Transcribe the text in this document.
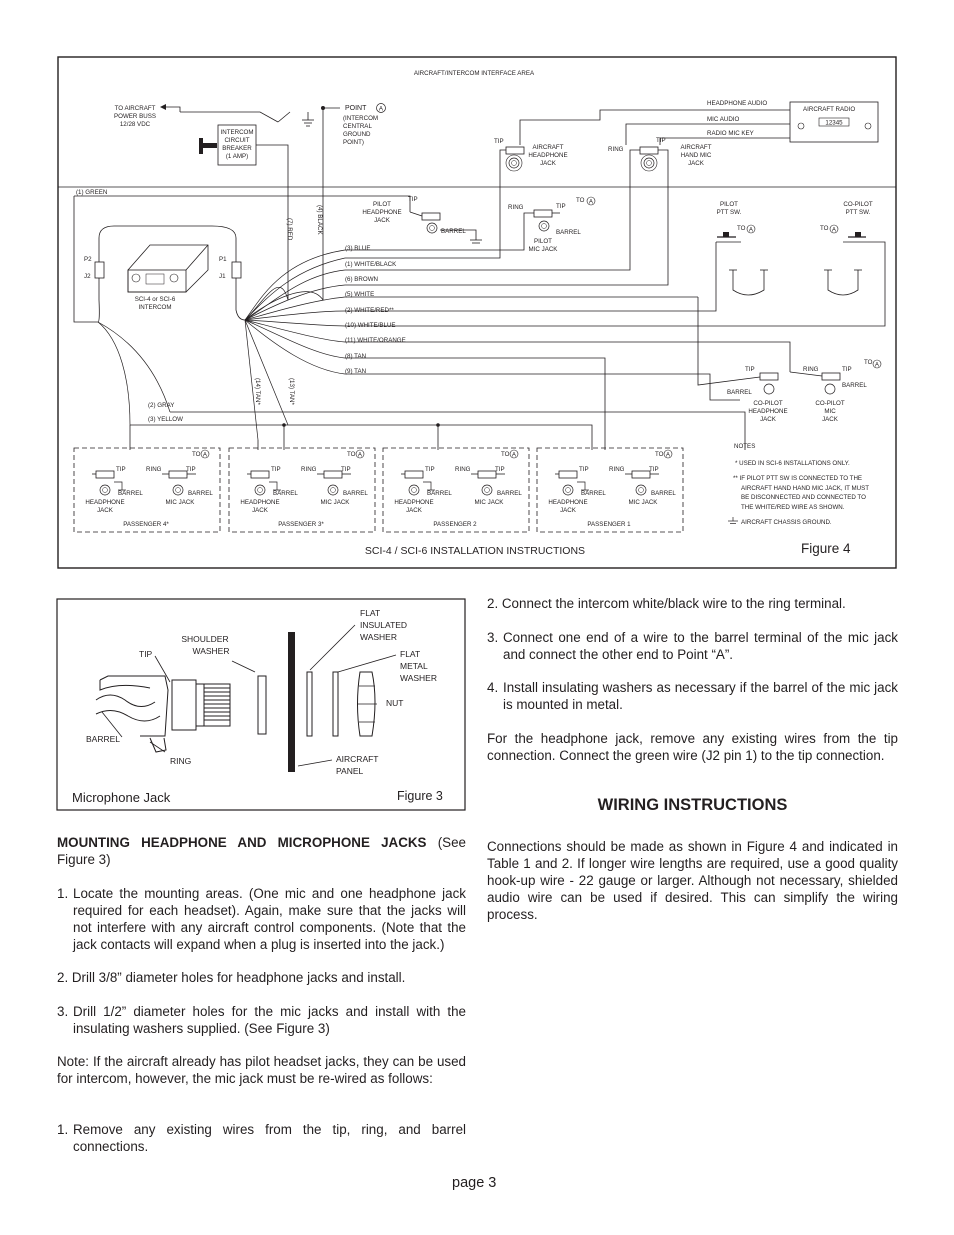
AIRCRAFT/INTERCOM INTERFACE AREA
TO AIRCRAFT
POWER BUSS
12/28 VDC
INTERCOM
CIRCUIT
BREAKER
(1 AMP)
POINT A
(INTERCOM
CENTRAL
GROUND
POINT)
AIRCRAFT RADIO
12345
HEADPHONE AUDIO
MIC AUDIO
RADIO MIC KEY
TIP
AIRCRAFT
HEADPHONE
JACK
TIP
RING	AIRCRAFT
HAND MIC
JACK
(1) GREEN
TIP
BARREL
PILOT
HEADPHONE
JACK
RING	TIP
BARREL
PILOT
MIC JACK
TO A	PILOT
PTT SW.
TO A
CO-PILOT
PTT SW.
TO A
(3) BLUE
(1) WHITE/BLACK
(6) BROWN
(5) WHITE
(2) WHITE/RED**
(10) WHITE/BLUE
(11) WHITE/ORANGE
(8) TAN
(9) TAN
(2) GRAY
(3) YELLOW
(7) RED	(4) BLACK
(14) TAN*	(13) TAN*
SCI-4 or SCI-6
INTERCOM
P2
J2
P1
J1
TIP
BARREL
CO-PILOT
HEADPHONE
JACK
RING	TIP
BARREL
CO-PILOT
MIC
JACK
TO A
TIP	RING	TIP
BARREL	BARREL
HEADPHONE
JACK
MIC JACK
PASSENGER 4*
TO A
TIP	RING	TIP
BARREL	BARREL
HEADPHONE
JACK
MIC JACK
PASSENGER 3*
TO A
TIP	RING	TIP
BARREL	BARREL
HEADPHONE
JACK
MIC JACK
PASSENGER 2
TO A
TIP	RING	TIP
BARREL	BARREL
HEADPHONE
JACK
MIC JACK
PASSENGER 1
TO A
NOTES
* USED IN SCI-6 INSTALLATIONS ONLY.
** IF PILOT PTT SW IS CONNECTED TO THE
AIRCRAFT HAND HAND MIC JACK, IT MUST
BE DISCONNECTED AND CONNECTED TO
THE WHITE/RED WIRE AS SHOWN.
AIRCRAFT CHASSIS GROUND.
SCI-4 / SCI-6 INSTALLATION INSTRUCTIONS	Figure 4
Microphone Jack	Figure 3
TIP
SHOULDER
WASHER
FLAT
INSULATED
WASHER
FLAT
METAL
WASHER
NUT
BARREL
RING	AIRCRAFT
PANEL
MOUNTING HEADPHONE AND MICROPHONE JACKS (See Figure 3)
1. Locate the mounting areas. (One mic and one headphone jack required for each headset). Again, make sure that the jacks will not interfere with any aircraft control components. (Note that the jack contacts will expand when a plug is inserted into the jack.)
2. Drill 3/8” diameter holes for headphone jacks and install.
3. Drill 1/2” diameter holes for the mic jacks and install with the insulating washers supplied. (See Figure 3)
Note: If the aircraft already has pilot headset jacks, they can be used for intercom, however, the mic jack must be re-wired as follows:
1. Remove any existing wires from the tip, ring, and barrel connections.
2. Connect the intercom white/black wire to the ring terminal.
3. Connect one end of a wire to the barrel terminal of the mic jack and connect the other end to Point “A”.
4. Install insulating washers as necessary if the barrel of the mic jack is mounted in metal.
For the headphone jack, remove any existing wires from the tip connection. Connect the green wire (J2 pin 1) to the tip connection.
WIRING INSTRUCTIONS
Connections should be made as shown in Figure 4 and indicated in Table 1 and 2. If longer wire lengths are required, use a good quality hook-up wire - 22 gauge or larger. Although not necessary, shielded audio wire can be used if desired. This can simplify the wiring process.
page 3
